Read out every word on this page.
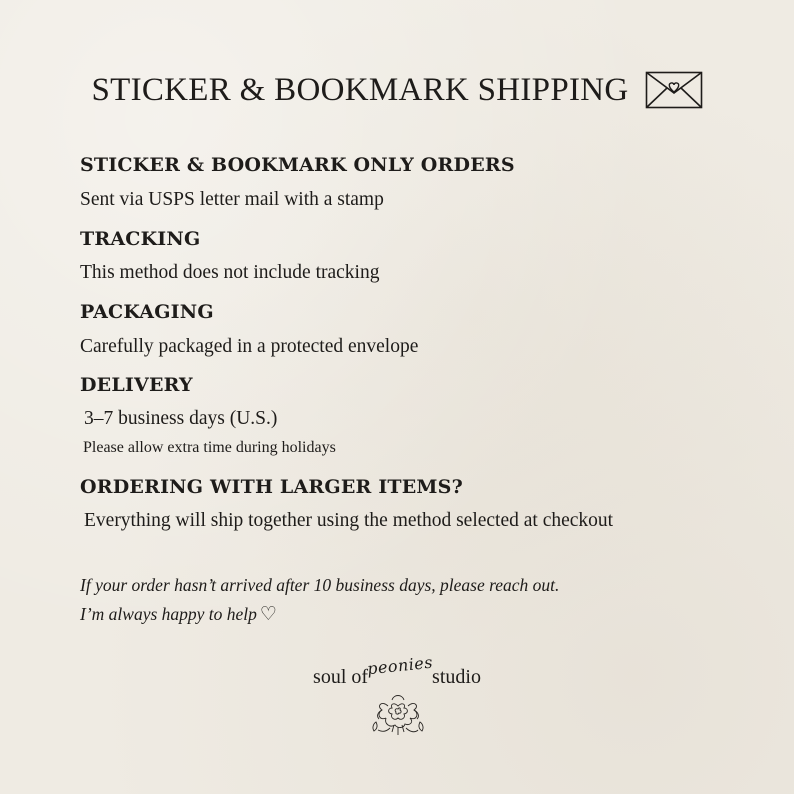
STICKER & BOOKMARK SHIPPING
STICKER & BOOKMARK ONLY ORDERS
Sent via USPS letter mail with a stamp
TRACKING
This method does not include tracking
PACKAGING
Carefully packaged in a protected envelope
DELIVERY
3–7 business days (U.S.)
Please allow extra time during holidays
ORDERING WITH LARGER ITEMS?
Everything will ship together using the method selected at checkout
If your order hasn’t arrived after 10 business days, please reach out.
I’m always happy to help ♡
soul of	studio
peonies
